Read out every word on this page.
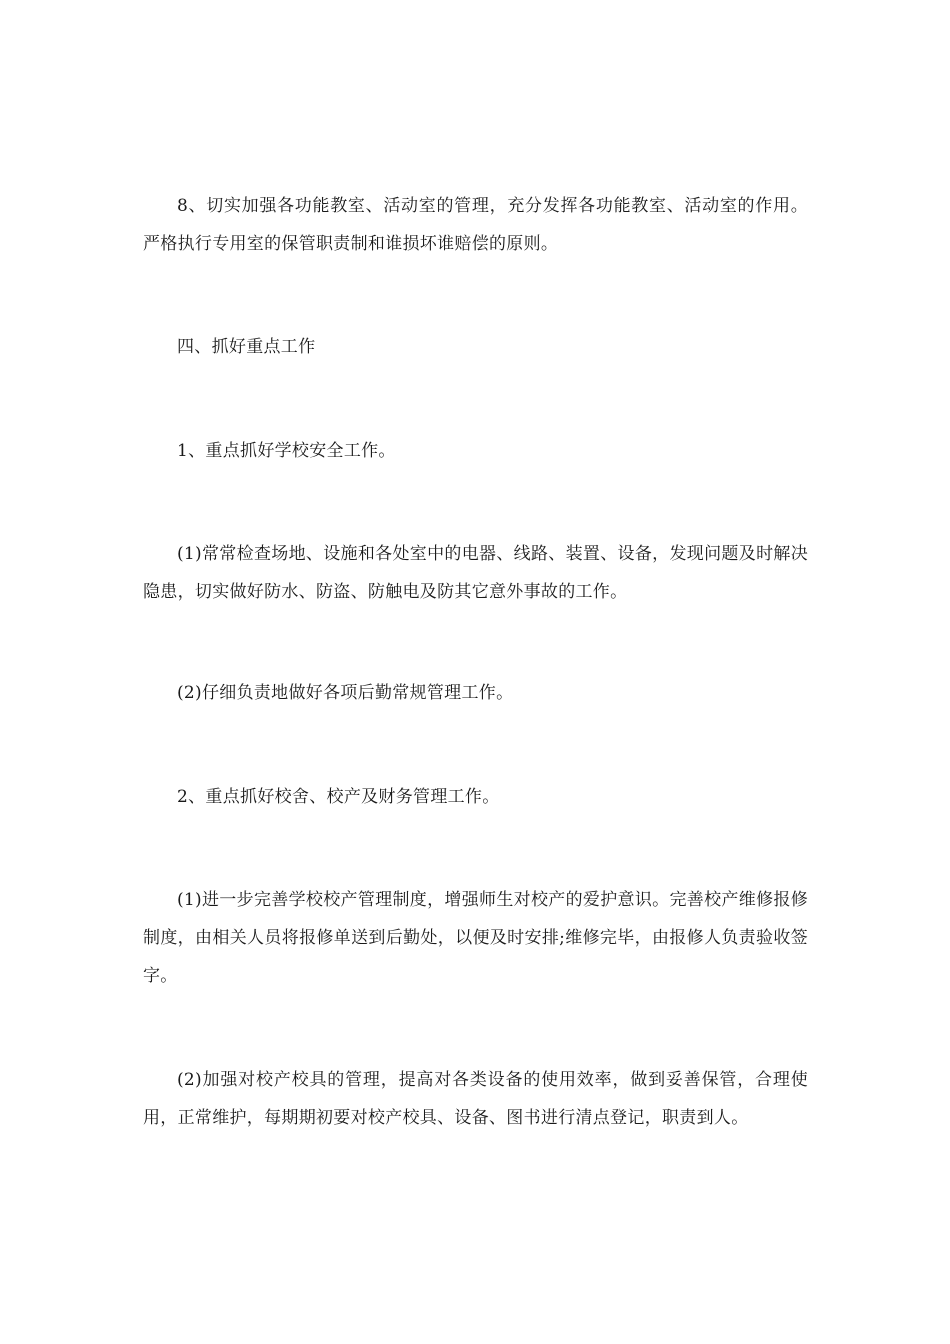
8、切实加强各功能教室、活动室的管理，充分发挥各功能教室、活动室的作用。严格执行专用室的保管职责制和谁损坏谁赔偿的原则。

四、抓好重点工作

1、重点抓好学校安全工作。

(1)常常检查场地、设施和各处室中的电器、线路、装置、设备，发现问题及时解决隐患，切实做好防水、防盗、防触电及防其它意外事故的工作。

(2)仔细负责地做好各项后勤常规管理工作。

2、重点抓好校舍、校产及财务管理工作。

(1)进一步完善学校校产管理制度，增强师生对校产的爱护意识。完善校产维修报修制度，由相关人员将报修单送到后勤处，以便及时安排;维修完毕，由报修人负责验收签字。

(2)加强对校产校具的管理，提高对各类设备的使用效率，做到妥善保管，合理使用，正常维护，每期期初要对校产校具、设备、图书进行清点登记，职责到人。
